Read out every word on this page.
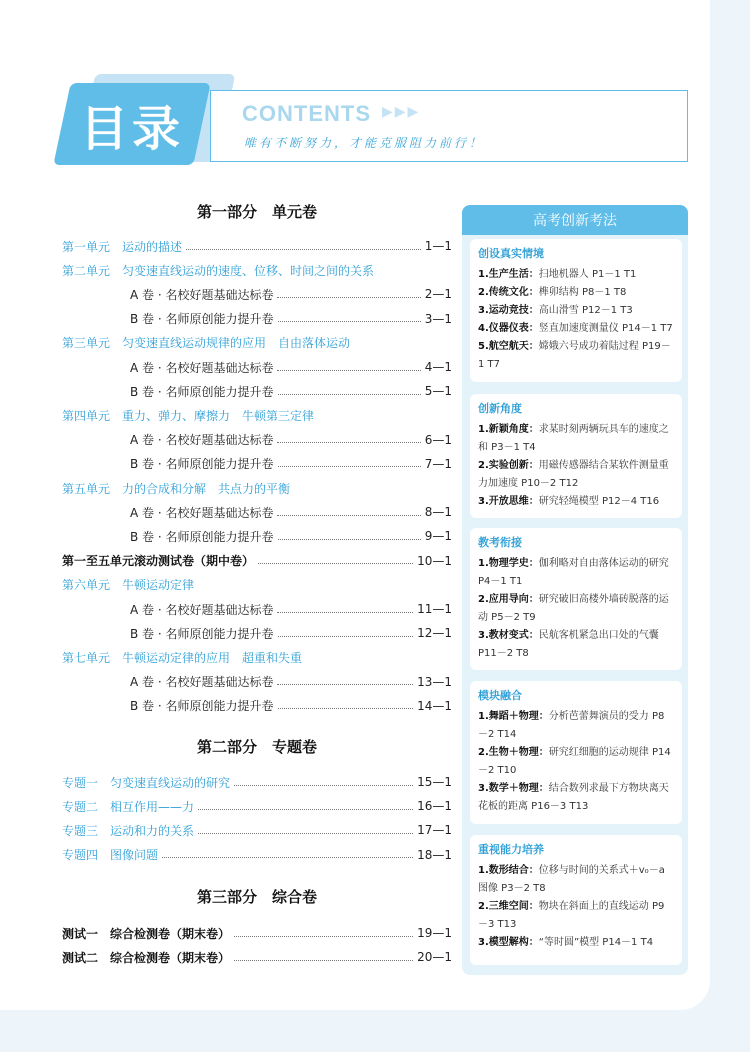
目录	CONTENTS ▶▶▶
唯有不断努力，才能克服阻力前行！
第一部分　单元卷
第一单元　运动的描述	1—1
第二单元　匀变速直线运动的速度、位移、时间之间的关系
A 卷 · 名校好题基础达标卷	2—1
B 卷 · 名师原创能力提升卷	3—1
第三单元　匀变速直线运动规律的应用　自由落体运动
A 卷 · 名校好题基础达标卷	4—1
B 卷 · 名师原创能力提升卷	5—1
第四单元　重力、弹力、摩擦力　牛顿第三定律
A 卷 · 名校好题基础达标卷	6—1
B 卷 · 名师原创能力提升卷	7—1
第五单元　力的合成和分解　共点力的平衡
A 卷 · 名校好题基础达标卷	8—1
B 卷 · 名师原创能力提升卷	9—1
第一至五单元滚动测试卷（期中卷）	10—1
第六单元　牛顿运动定律
A 卷 · 名校好题基础达标卷	11—1
B 卷 · 名师原创能力提升卷	12—1
第七单元　牛顿运动定律的应用　超重和失重
A 卷 · 名校好题基础达标卷	13—1
B 卷 · 名师原创能力提升卷	14—1
第二部分　专题卷
专题一　匀变速直线运动的研究	15—1
专题二　相互作用——力	16—1
专题三　运动和力的关系	17—1
专题四　图像问题	18—1
第三部分　综合卷
测试一　综合检测卷（期末卷）	19—1
测试二　综合检测卷（期末卷）	20—1
高考创新考法
创设真实情境
1.生产生活：扫地机器人 P1－1 T1
2.传统文化：榫卯结构 P8－1 T8
3.运动竞技：高山滑雪 P12－1 T3
4.仪器仪表：竖直加速度测量仪 P14－1 T7
5.航空航天：嫦娥六号成功着陆过程 P19－1 T7
创新角度
1.新颖角度：求某时刻两辆玩具车的速度之和 P3－1 T4
2.实验创新：用磁传感器结合某软件测量重力加速度 P10－2 T12
3.开放思维：研究轻绳模型 P12－4 T16
教考衔接
1.物理学史：伽利略对自由落体运动的研究 P4－1 T1
2.应用导向：研究破旧高楼外墙砖脱落的运动 P5－2 T9
3.教材变式：民航客机紧急出口处的气囊 P11－2 T8
模块融合
1.舞蹈＋物理：分析芭蕾舞演员的受力 P8－2 T14
2.生物＋物理：研究红细胞的运动规律 P14－2 T10
3.数学＋物理：结合数列求最下方物块离天花板的距离 P16－3 T13
重视能力培养
1.数形结合：位移与时间的关系式＋v₀－a 图像 P3－2 T8
2.三维空间：物块在斜面上的直线运动 P9－3 T13
3.模型解构：“等时圆”模型 P14－1 T4
